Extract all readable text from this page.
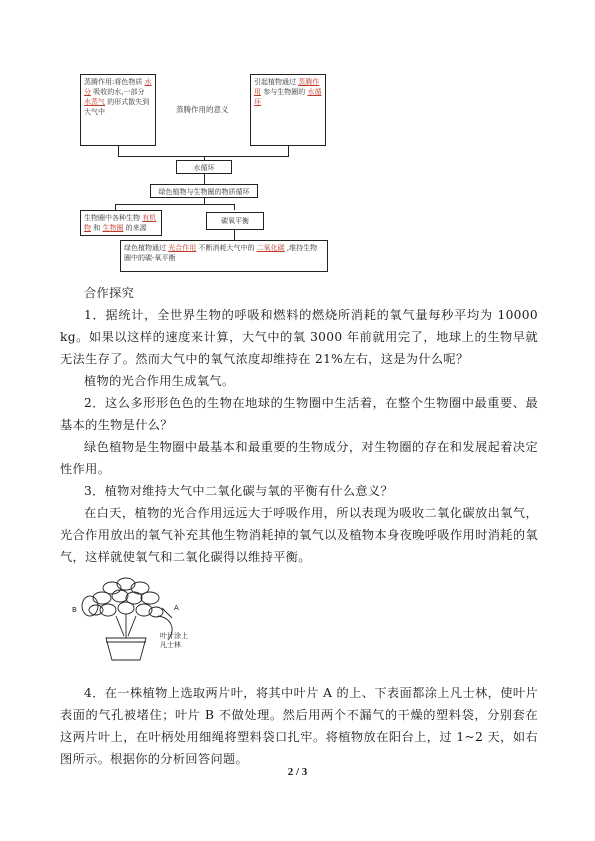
蒸腾作用:将色物质 水分 吸收的水,一部分 水蒸气 的形式散失到大气中	蒸腾作用的意义
引起植物通过 蒸腾作用 参与生物圈的 水循环
水循环
绿色植物与生物圈的物质循环
生物圈中各种生物 有机物 和 生物圈 的来源
碳氧平衡
绿色植物通过 光合作用 不断消耗大气中的 二氧化碳 ,维持生物圈中的碳-氧平衡

合作探究

1．据统计，全世界生物的呼吸和燃料的燃烧所消耗的氧气量每秒平均为 10000 kg。如果以这样的速度来计算，大气中的氧 3000 年前就用完了，地球上的生物早就无法生存了。然而大气中的氧气浓度却维持在 21%左右，这是为什么呢？

植物的光合作用生成氧气。

2．这么多形形色色的生物在地球的生物圈中生活着，在整个生物圈中最重要、最基本的生物是什么？

绿色植物是生物圈中最基本和最重要的生物成分，对生物圈的存在和发展起着决定性作用。

3．植物对维持大气中二氧化碳与氧的平衡有什么意义？

在白天，植物的光合作用远远大于呼吸作用，所以表现为吸收二氧化碳放出氧气，光合作用放出的氧气补充其他生物消耗掉的氧气以及植物本身夜晚呼吸作用时消耗的氧气，这样就使氧气和二氧化碳得以维持平衡。

A
B
叶片涂上凡士林

4．在一株植物上选取两片叶，将其中叶片 A 的上、下表面都涂上凡士林，使叶片表面的气孔被堵住；叶片 B 不做处理。然后用两个不漏气的干燥的塑料袋，分别套在这两片叶上，在叶柄处用细绳将塑料袋口扎牢。将植物放在阳台上，过 1~2 天，如右图所示。根据你的分析回答问题。

2 / 3
